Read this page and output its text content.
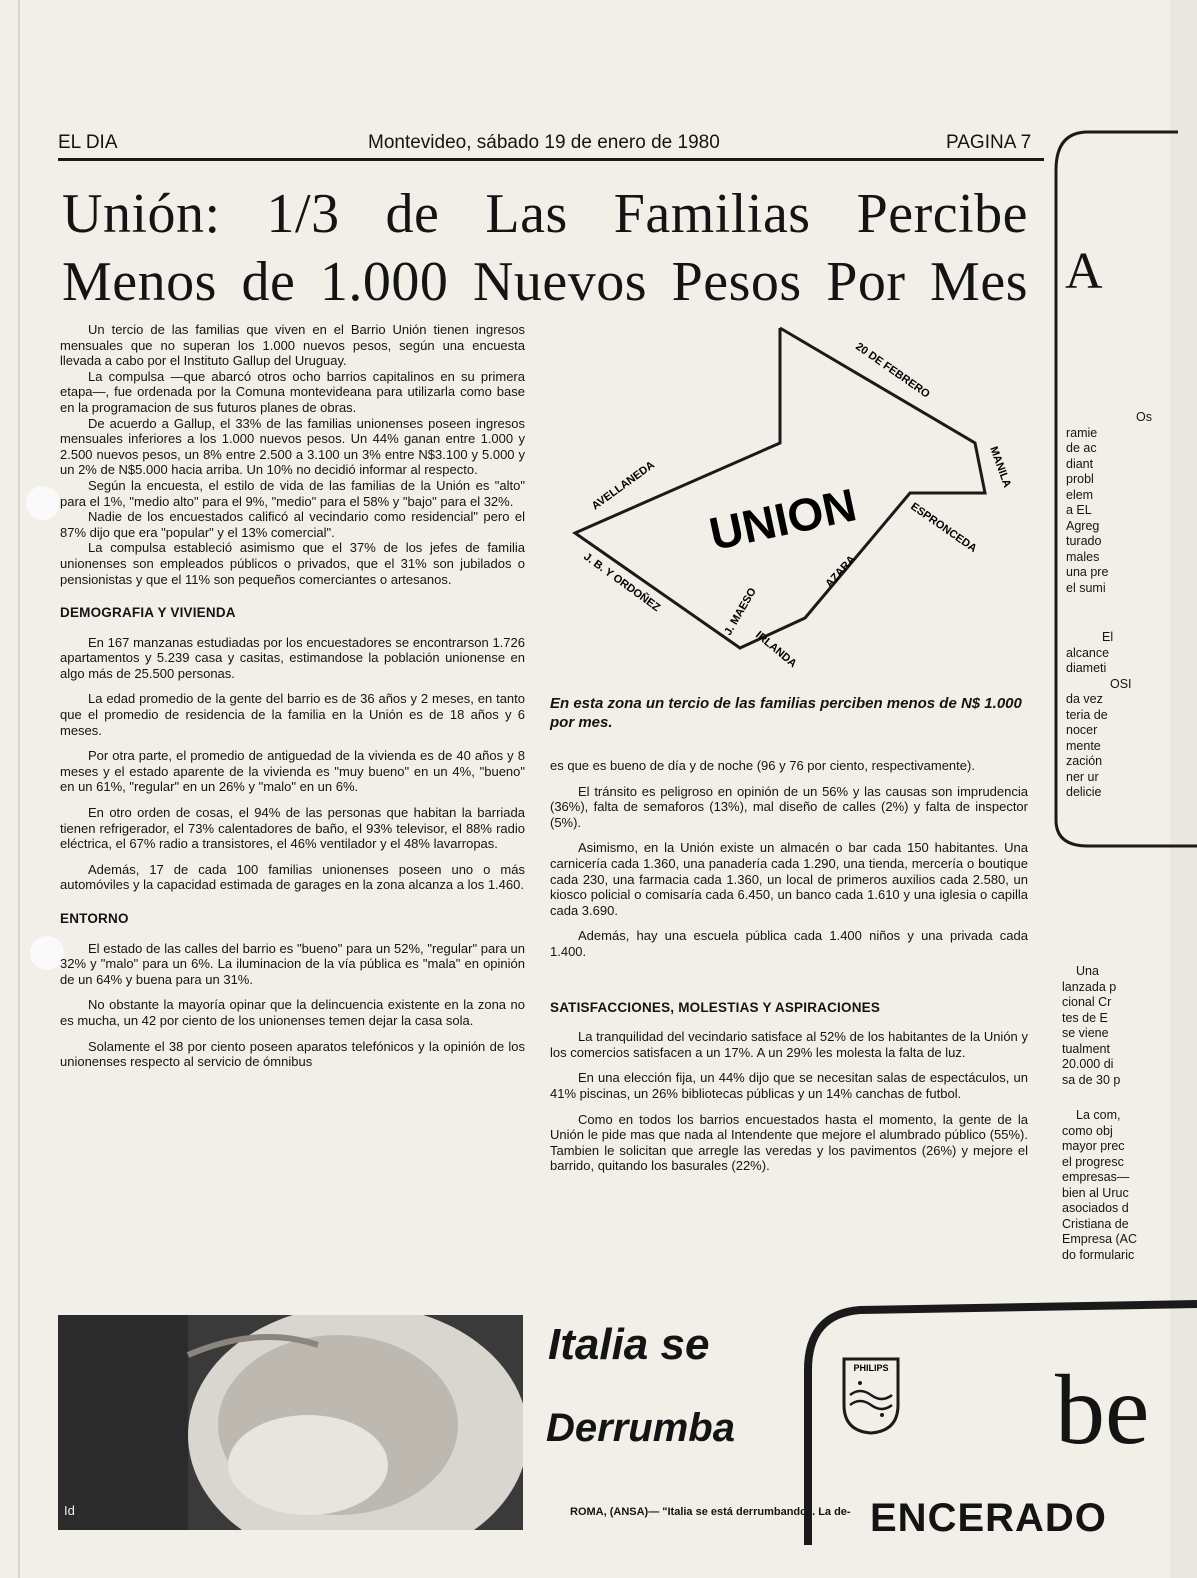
EL DIA	Montevideo, sábado 19 de enero de 1980	PAGINA 7
Unión: 1/3 de Las Familias Percibe
Menos de 1.000 Nuevos Pesos Por Mes

Un tercio de las familias que viven en el Barrio Unión tienen ingresos mensuales que no superan los 1.000 nuevos pesos, según una encuesta llevada a cabo por el Instituto Gallup del Uruguay.

La compulsa —que abarcó otros ocho barrios capitalinos en su primera etapa—, fue ordenada por la Comuna montevideana para utilizarla como base en la programacion de sus futuros planes de obras.

De acuerdo a Gallup, el 33% de las familias unionenses poseen ingresos mensuales inferiores a los 1.000 nuevos pesos. Un 44% ganan entre 1.000 y 2.500 nuevos pesos, un 8% entre 2.500 a 3.100 un 3% entre N$3.100 y 5.000 y un 2% de N$5.000 hacia arriba. Un 10% no decidió informar al respecto.

Según la encuesta, el estilo de vida de las familias de la Unión es "alto" para el 1%, "medio alto" para el 9%, "medio" para el 58% y "bajo" para el 32%.

Nadie de los encuestados calificó al vecindario como residencial" pero el 87% dijo que era "popular" y el 13% comercial".

La compulsa estableció asimismo que el 37% de los jefes de familia unionenses son empleados públicos o privados, que el 31% son jubilados o pensionistas y que el 11% son pequeños comerciantes o artesanos.

DEMOGRAFIA Y VIVIENDA

En 167 manzanas estudiadas por los encuestadores se encontrarson 1.726 apartamentos y 5.239 casa y casitas, estimandose la población unionense en algo más de 25.500 personas.

La edad promedio de la gente del barrio es de 36 años y 2 meses, en tanto que el promedio de residencia de la familia en la Unión es de 18 años y 6 meses.

Por otra parte, el promedio de antiguedad de la vivienda es de 40 años y 8 meses y el estado aparente de la vivienda es "muy bueno" en un 4%, "bueno" en un 61%, "regular" en un 26% y "malo" en un 6%.

En otro orden de cosas, el 94% de las personas que habitan la barriada tienen refrigerador, el 73% calentadores de baño, el 93% televisor, el 88% radio eléctrica, el 67% radio a transistores, el 46% ventilador y el 48% lavarropas.

Además, 17 de cada 100 familias unionenses poseen uno o más automóviles y la capacidad estimada de garages en la zona alcanza a los 1.460.

ENTORNO

El estado de las calles del barrio es "bueno" para un 52%, "regular" para un 32% y "malo" para un 6%. La iluminacion de la vía pública es "mala" en opinión de un 64% y buena para un 31%.

No obstante la mayoría opinar que la delincuencia existente en la zona no es mucha, un 42 por ciento de los unionenses temen dejar la casa sola.

Solamente el 38 por ciento poseen aparatos telefónicos y la opinión de los unionenses respecto al servicio de ómnibus

UNION
20 DE FEBRERO
MANILA
ESPRONCEDA
AZARA
J. MAESO
IRLANDA
J. B. Y ORDOÑEZ
AVELLANEDA
En esta zona un tercio de las familias perciben menos de N$ 1.000 por mes.

es que es bueno de día y de noche (96 y 76 por ciento, respectivamente).

El tránsito es peligroso en opinión de un 56% y las causas son imprudencia (36%), falta de semaforos (13%), mal diseño de calles (2%) y falta de inspector (5%).

Asimismo, en la Unión existe un almacén o bar cada 150 habitantes. Una carnicería cada 1.360, una panadería cada 1.290, una tienda, mercería o boutique cada 230, una farmacia cada 1.360, un local de primeros auxilios cada 2.580, un kiosco policial o comisaría cada 6.450, un banco cada 1.610 y una iglesia o capilla cada 3.690.

Además, hay una escuela pública cada 1.400 niños y una privada cada 1.400.

SATISFACCIONES, MOLESTIAS Y ASPIRACIONES

La tranquilidad del vecindario satisface al 52% de los habitantes de la Unión y los comercios satisfacen a un 17%. A un 29% les molesta la falta de luz.

En una elección fija, un 44% dijo que se necesitan salas de espectáculos, un 41% piscinas, un 26% bibliotecas públicas y un 14% canchas de futbol.

Como en todos los barrios encuestados hasta el momento, la gente de la Unión le pide mas que nada al Intendente que mejore el alumbrado público (55%). Tambien le solicitan que arregle las veredas y los pavimentos (26%) y mejore el barrido, quitando los basurales (22%).

A
Os
ramie
de ac
diant
probl
elem
a EL
Agreg
turado
males
una pre
el sumi
El
alcance
diameti
OSI
da vez
teria de
nocer
mente
zación
ner ur
delicie
Una
lanzada p
cional Cr
tes de E
se viene
tualment
20.000 di
sa de 30 p
La com,
como obj
mayor prec
el progresc
empresas—
bien al Uruc
asociados d
Cristiana de
Empresa (AC
do formularic
Id
Italia se
Derrumba
ROMA, (ANSA)— "Italia se está derrumbando". La de-
PHILIPS be
ENCERADO
